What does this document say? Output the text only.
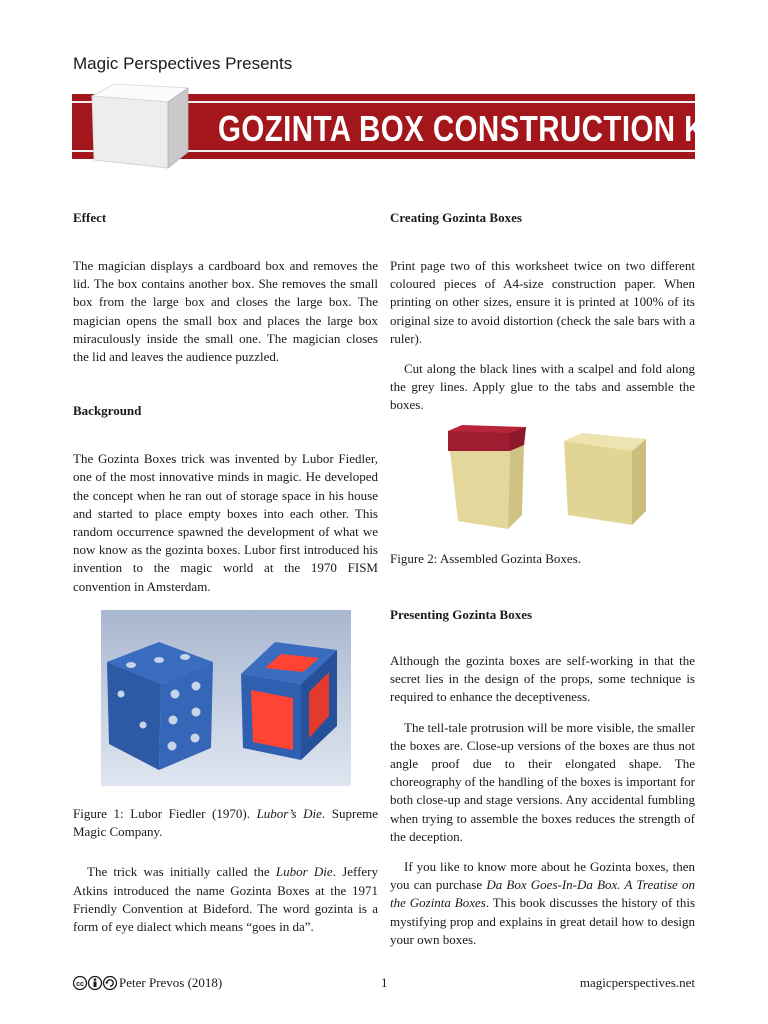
Magic Perspectives Presents
GOZINTA BOX CONSTRUCTION KIT
Effect

The magician displays a cardboard box and removes the lid. The box contains another box. She removes the small box from the large box and closes the large box. The magician opens the small box and places the large box miraculously inside the small one. The magician closes the lid and leaves the audience puzzled.

Background

The Gozinta Boxes trick was invented by Lubor Fiedler, one of the most innovative minds in magic. He developed the concept when he ran out of storage space in his house and started to place empty boxes into each other. This random occurrence spawned the development of what we now know as the gozinta boxes. Lubor first introduced his invention to the magic world at the 1970 FISM convention in Amsterdam.

Figure 1: Lubor Fiedler (1970). Lubor’s Die. Supreme Magic Company.

The trick was initially called the Lubor Die. Jeffery Atkins introduced the name Gozinta Boxes at the 1971 Friendly Convention at Bideford. The word gozinta is a form of eye dialect which means “goes in da”.

Creating Gozinta Boxes

Print page two of this worksheet twice on two different coloured pieces of A4-size construction paper. When printing on other sizes, ensure it is printed at 100% of its original size to avoid distortion (check the sale bars with a ruler).

Cut along the black lines with a scalpel and fold along the grey lines. Apply glue to the tabs and assemble the boxes.

Figure 2: Assembled Gozinta Boxes.

Presenting Gozinta Boxes

Although the gozinta boxes are self-working in that the secret lies in the design of the props, some technique is required to enhance the deceptiveness.

The tell-tale protrusion will be more visible, the smaller the boxes are. Close-up versions of the boxes are thus not angle proof due to their elongated shape. The choreography of the handling of the boxes is important for both close-up and stage versions. Any accidental fumbling when trying to assemble the boxes reduces the strength of the deception.

If you like to know more about he Gozinta boxes, then you can purchase Da Box Goes-In-Da Box. A Treatise on the Gozinta Boxes. This book discusses the history of this mystifying prop and explains in great detail how to design your own boxes.

cc	Peter Prevos (2018)	1	magicperspectives.net
